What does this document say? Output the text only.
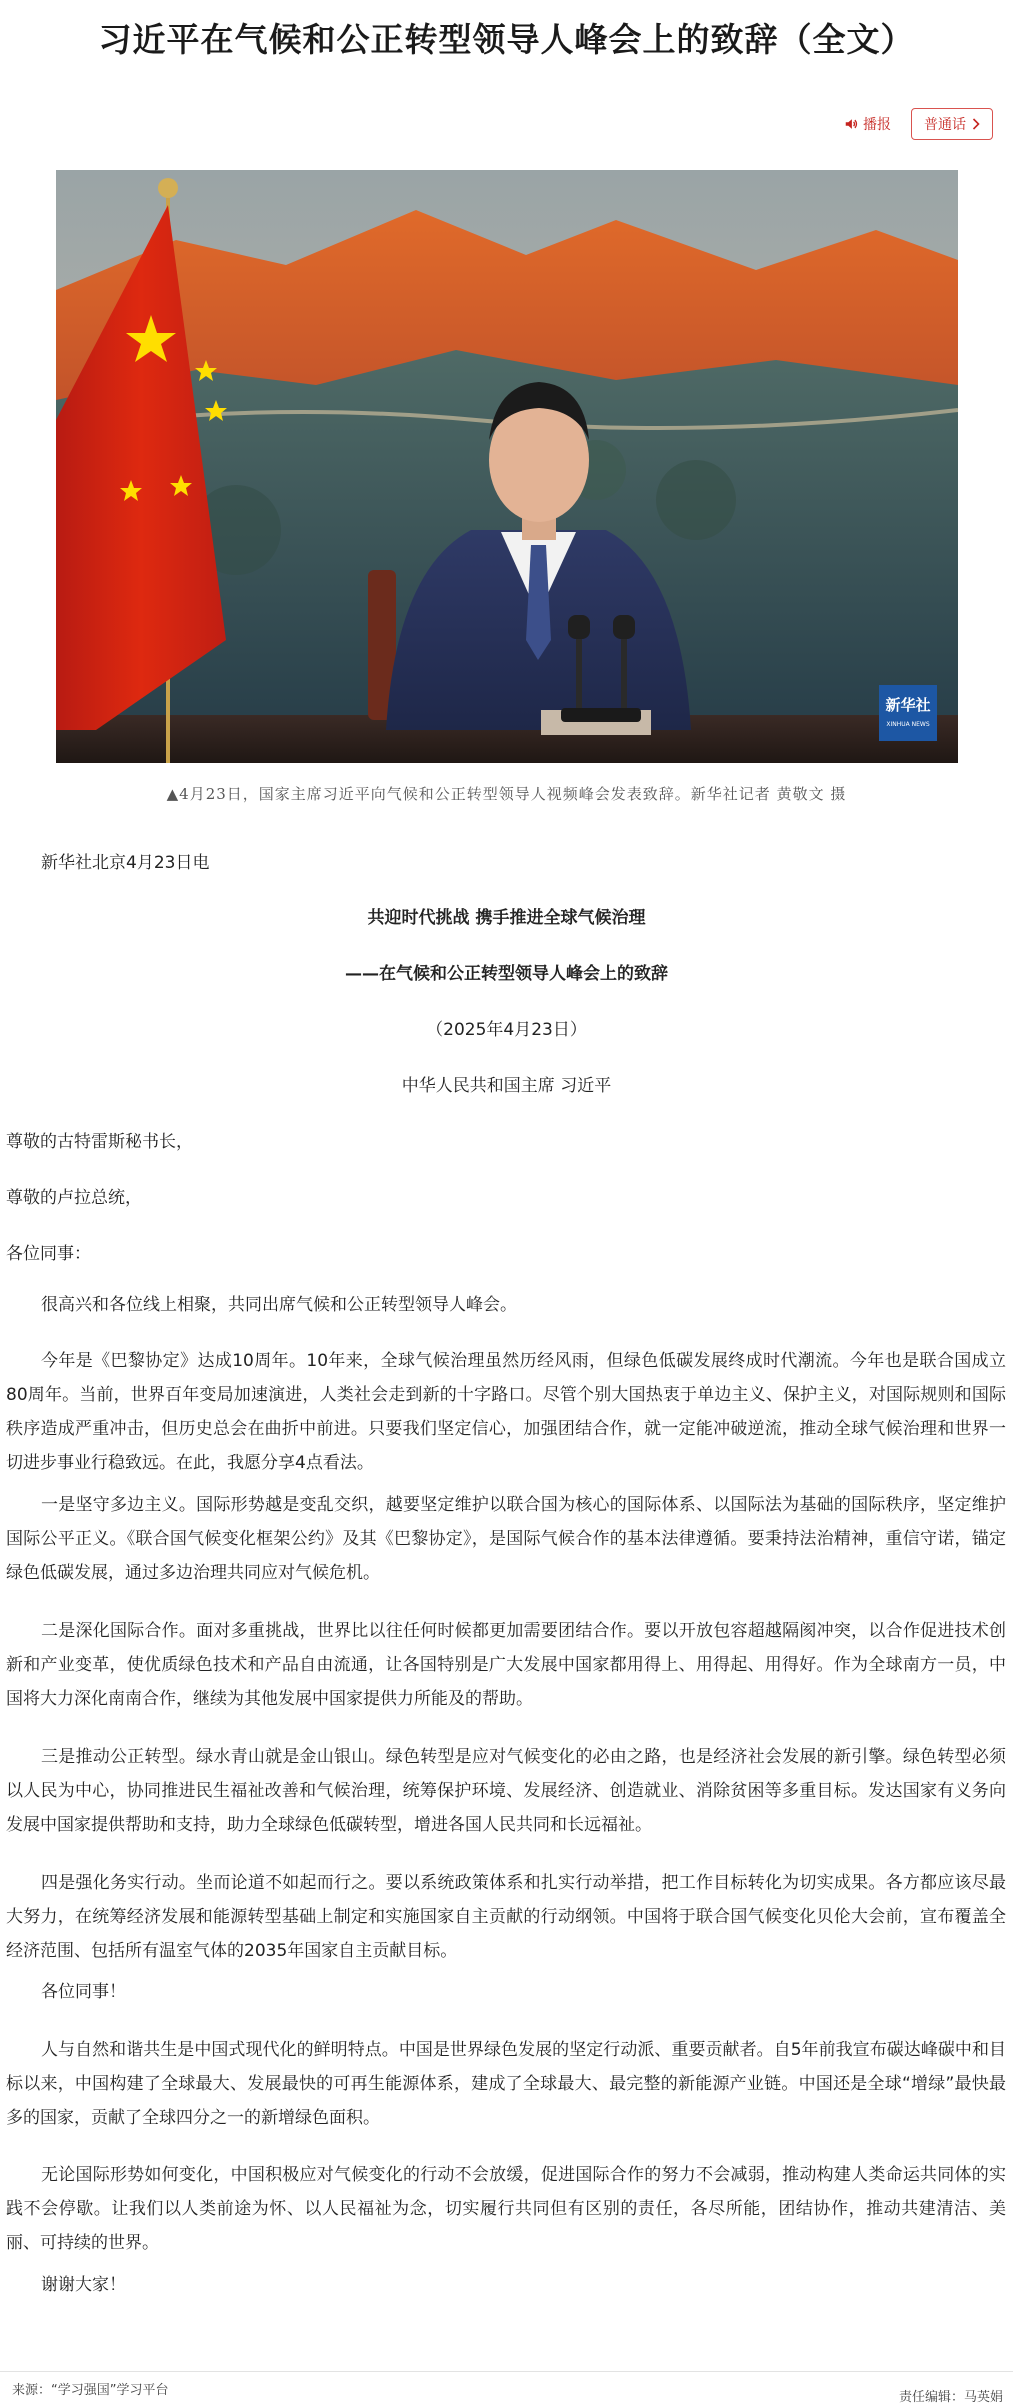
习近平在气候和公正转型领导人峰会上的致辞（全文）
播报 普通话
新华社
XINHUA NEWS
▲4月23日，国家主席习近平向气候和公正转型领导人视频峰会发表致辞。新华社记者 黄敬文 摄
新华社北京4月23日电
共迎时代挑战 携手推进全球气候治理
——在气候和公正转型领导人峰会上的致辞
（2025年4月23日）
中华人民共和国主席 习近平
尊敬的古特雷斯秘书长，
尊敬的卢拉总统，
各位同事：

很高兴和各位线上相聚，共同出席气候和公正转型领导人峰会。

今年是《巴黎协定》达成10周年。10年来，全球气候治理虽然历经风雨，但绿色低碳发展终成时代潮流。今年也是联合国成立80周年。当前，世界百年变局加速演进，人类社会走到新的十字路口。尽管个别大国热衷于单边主义、保护主义，对国际规则和国际秩序造成严重冲击，但历史总会在曲折中前进。只要我们坚定信心，加强团结合作，就一定能冲破逆流，推动全球气候治理和世界一切进步事业行稳致远。在此，我愿分享4点看法。

一是坚守多边主义。国际形势越是变乱交织，越要坚定维护以联合国为核心的国际体系、以国际法为基础的国际秩序，坚定维护国际公平正义。《联合国气候变化框架公约》及其《巴黎协定》，是国际气候合作的基本法律遵循。要秉持法治精神，重信守诺，锚定绿色低碳发展，通过多边治理共同应对气候危机。

二是深化国际合作。面对多重挑战，世界比以往任何时候都更加需要团结合作。要以开放包容超越隔阂冲突，以合作促进技术创新和产业变革，使优质绿色技术和产品自由流通，让各国特别是广大发展中国家都用得上、用得起、用得好。作为全球南方一员，中国将大力深化南南合作，继续为其他发展中国家提供力所能及的帮助。

三是推动公正转型。绿水青山就是金山银山。绿色转型是应对气候变化的必由之路，也是经济社会发展的新引擎。绿色转型必须以人民为中心，协同推进民生福祉改善和气候治理，统筹保护环境、发展经济、创造就业、消除贫困等多重目标。发达国家有义务向发展中国家提供帮助和支持，助力全球绿色低碳转型，增进各国人民共同和长远福祉。

四是强化务实行动。坐而论道不如起而行之。要以系统政策体系和扎实行动举措，把工作目标转化为切实成果。各方都应该尽最大努力，在统筹经济发展和能源转型基础上制定和实施国家自主贡献的行动纲领。中国将于联合国气候变化贝伦大会前，宣布覆盖全经济范围、包括所有温室气体的2035年国家自主贡献目标。

各位同事！

人与自然和谐共生是中国式现代化的鲜明特点。中国是世界绿色发展的坚定行动派、重要贡献者。自5年前我宣布碳达峰碳中和目标以来，中国构建了全球最大、发展最快的可再生能源体系，建成了全球最大、最完整的新能源产业链。中国还是全球“增绿”最快最多的国家，贡献了全球四分之一的新增绿色面积。

无论国际形势如何变化，中国积极应对气候变化的行动不会放缓，促进国际合作的努力不会减弱，推动构建人类命运共同体的实践不会停歇。让我们以人类前途为怀、以人民福祉为念，切实履行共同但有区别的责任，各尽所能，团结协作，推动共建清洁、美丽、可持续的世界。

谢谢大家！

来源：“学习强国”学习平台	责任编辑：马英娟
